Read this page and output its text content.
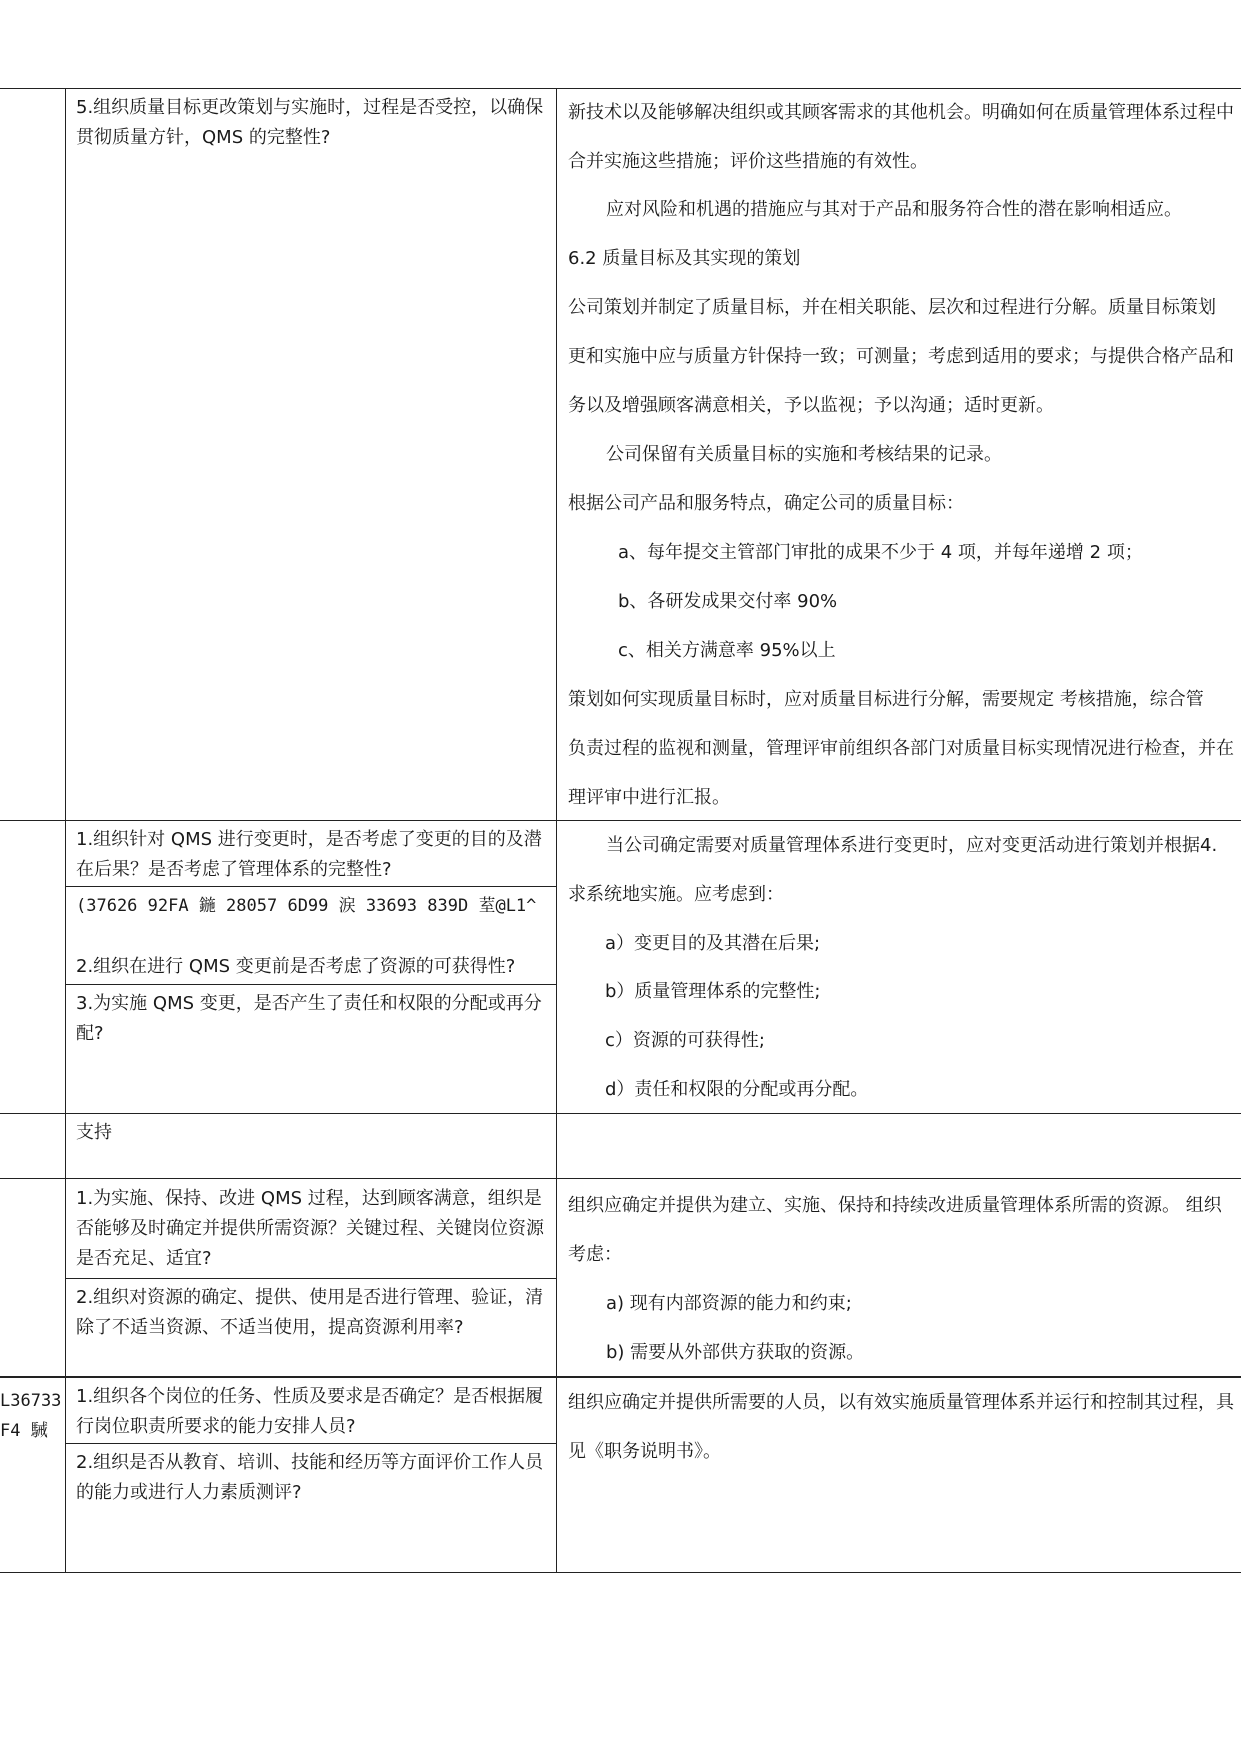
5.组织质量目标更改策划与实施时，过程是否受控，以确保贯彻质量方针，QMS 的完整性?
新技术以及能够解决组织或其顾客需求的其他机会。明确如何在质量管理体系过程中
合并实施这些措施；评价这些措施的有效性。
应对风险和机遇的措施应与其对于产品和服务符合性的潜在影响相适应。
6.2 质量目标及其实现的策划
公司策划并制定了质量目标，并在相关职能、层次和过程进行分解。质量目标策划
更和实施中应与质量方针保持一致；可测量；考虑到适用的要求；与提供合格产品和
务以及增强顾客满意相关，予以监视；予以沟通；适时更新。
公司保留有关质量目标的实施和考核结果的记录。
根据公司产品和服务特点，确定公司的质量目标：
a、每年提交主管部门审批的成果不少于 4 项，并每年递增 2 项；
b、各研发成果交付率 90%
c、相关方满意率 95%以上
策划如何实现质量目标时，应对质量目标进行分解，需要规定 考核措施，综合管
负责过程的监视和测量，管理评审前组织各部门对质量目标实现情况进行检查，并在
理评审中进行汇报。
1.组织针对 QMS 进行变更时，是否考虑了变更的目的及潜在后果？是否考虑了管理体系的完整性?
(37626 92FA 鍦 28057 6D99 涙 33693 839D 荎@L1^
2.组织在进行 QMS 变更前是否考虑了资源的可获得性?
3.为实施 QMS 变更，是否产生了责任和权限的分配或再分配?
当公司确定需要对质量管理体系进行变更时，应对变更活动进行策划并根据4.
求系统地实施。应考虑到：
a）变更目的及其潜在后果;
b）质量管理体系的完整性;
c）资源的可获得性;
d）责任和权限的分配或再分配。
支持
1.为实施、保持、改进 QMS 过程，达到顾客满意，组织是否能够及时确定并提供所需资源？关键过程、关键岗位资源是否充足、适宜?
2.组织对资源的确定、提供、使用是否进行管理、验证，清除了不适当资源、不适当使用，提高资源利用率?
组织应确定并提供为建立、实施、保持和持续改进质量管理体系所需的资源。 组织
考虑：
a) 现有内部资源的能力和约束;
b) 需要从外部供方获取的资源。
L36733
F4 駴
1.组织各个岗位的任务、性质及要求是否确定？是否根据履行岗位职责所要求的能力安排人员?
2.组织是否从教育、培训、技能和经历等方面评价工作人员的能力或进行人力素质测评?
组织应确定并提供所需要的人员，以有效实施质量管理体系并运行和控制其过程，具
见《职务说明书》。
